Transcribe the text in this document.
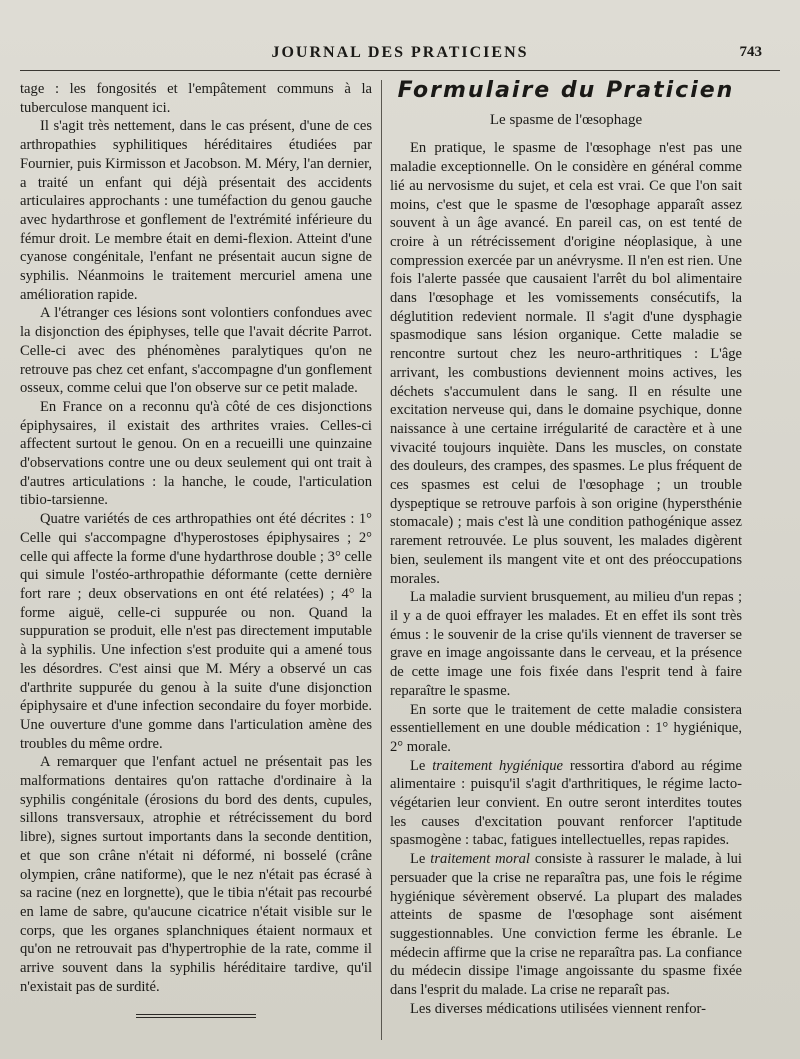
JOURNAL DES PRATICIENS	743

tage : les fongosités et l'empâtement communs à la tuberculose manquent ici.

Il s'agit très nettement, dans le cas présent, d'une de ces arthropathies syphilitiques héréditaires étudiées par Fournier, puis Kirmisson et Jacobson. M. Méry, l'an dernier, a traité un enfant qui déjà présentait des accidents articulaires approchants : une tuméfaction du genou gauche avec hydarthrose et gonflement de l'extrémité inférieure du fémur droit. Le membre était en demi-flexion. Atteint d'une cyanose congénitale, l'enfant ne présentait aucun signe de syphilis. Néanmoins le traitement mercuriel amena une amélioration rapide.

A l'étranger ces lésions sont volontiers confondues avec la disjonction des épiphyses, telle que l'avait décrite Parrot. Celle-ci avec des phénomènes paralytiques qu'on ne retrouve pas chez cet enfant, s'accompagne d'un gonflement osseux, comme celui que l'on observe sur ce petit malade.

En France on a reconnu qu'à côté de ces disjonctions épiphysaires, il existait des arthrites vraies. Celles-ci affectent surtout le genou. On en a recueilli une quinzaine d'observations contre une ou deux seulement qui ont trait à d'autres articulations : la hanche, le coude, l'articulation tibio-tarsienne.

Quatre variétés de ces arthropathies ont été décrites : 1° Celle qui s'accompagne d'hyperostoses épiphysaires ; 2° celle qui affecte la forme d'une hydarthrose double ; 3° celle qui simule l'ostéo-arthropathie déformante (cette dernière fort rare ; deux observations en ont été relatées) ; 4° la forme aiguë, celle-ci suppurée ou non. Quand la suppuration se produit, elle n'est pas directement imputable à la syphilis. Une infection s'est produite qui a amené tous les désordres. C'est ainsi que M. Méry a observé un cas d'arthrite suppurée du genou à la suite d'une disjonction épiphysaire et d'une infection secondaire du foyer morbide. Une ouverture d'une gomme dans l'articulation amène des troubles du même ordre.

A remarquer que l'enfant actuel ne présentait pas les malformations dentaires qu'on rattache d'ordinaire à la syphilis congénitale (érosions du bord des dents, cupules, sillons transversaux, atrophie et rétrécissement du bord libre), signes surtout importants dans la seconde dentition, et que son crâne n'était ni déformé, ni bosselé (crâne olympien, crâne natiforme), que le nez n'était pas écrasé à sa racine (nez en lorgnette), que le tibia n'était pas recourbé en lame de sabre, qu'aucune cicatrice n'était visible sur le corps, que les organes splanchniques étaient normaux et qu'on ne retrouvait pas d'hypertrophie de la rate, comme il arrive souvent dans la syphilis héréditaire tardive, qu'il n'existait pas de surdité.

Formulaire du Praticien
Le spasme de l'œsophage

En pratique, le spasme de l'œsophage n'est pas une maladie exceptionnelle. On le considère en général comme lié au nervosisme du sujet, et cela est vrai. Ce que l'on sait moins, c'est que le spasme de l'œsophage apparaît assez souvent à un âge avancé. En pareil cas, on est tenté de croire à un rétrécissement d'origine néoplasique, à une compression exercée par un anévrysme. Il n'en est rien. Une fois l'alerte passée que causaient l'arrêt du bol alimentaire dans l'œsophage et les vomissements consécutifs, la déglutition redevient normale. Il s'agit d'une dysphagie spasmodique sans lésion organique. Cette maladie se rencontre surtout chez les neuro-arthritiques : L'âge arrivant, les combustions deviennent moins actives, les déchets s'accumulent dans le sang. Il en résulte une excitation nerveuse qui, dans le domaine psychique, donne naissance à une certaine irrégularité de caractère et à une vivacité toujours inquiète. Dans les muscles, on constate des douleurs, des crampes, des spasmes. Le plus fréquent de ces spasmes est celui de l'œsophage ; un trouble dyspeptique se retrouve parfois à son origine (hypersthénie stomacale) ; mais c'est là une condition pathogénique assez rarement retrouvée. Le plus souvent, les malades digèrent bien, seulement ils mangent vite et ont des préoccupations morales.

La maladie survient brusquement, au milieu d'un repas ; il y a de quoi effrayer les malades. Et en effet ils sont très émus : le souvenir de la crise qu'ils viennent de traverser se grave en image angoissante dans le cerveau, et la présence de cette image une fois fixée dans l'esprit tend à faire reparaître le spasme.

En sorte que le traitement de cette maladie consistera essentiellement en une double médication : 1° hygiénique, 2° morale.

Le traitement hygiénique ressortira d'abord au régime alimentaire : puisqu'il s'agit d'arthritiques, le régime lacto-végétarien leur convient. En outre seront interdites toutes les causes d'excitation pouvant renforcer l'aptitude spasmogène : tabac, fatigues intellectuelles, repas rapides.

Le traitement moral consiste à rassurer le malade, à lui persuader que la crise ne reparaîtra pas, une fois le régime hygiénique sévèrement observé. La plupart des malades atteints de spasme de l'œsophage sont aisément suggestionnables. Une conviction ferme les ébranle. Le médecin affirme que la crise ne reparaîtra pas. La confiance du médecin dissipe l'image angoissante du spasme fixée dans l'esprit du malade. La crise ne reparaît pas.

Les diverses médications utilisées viennent renfor-
